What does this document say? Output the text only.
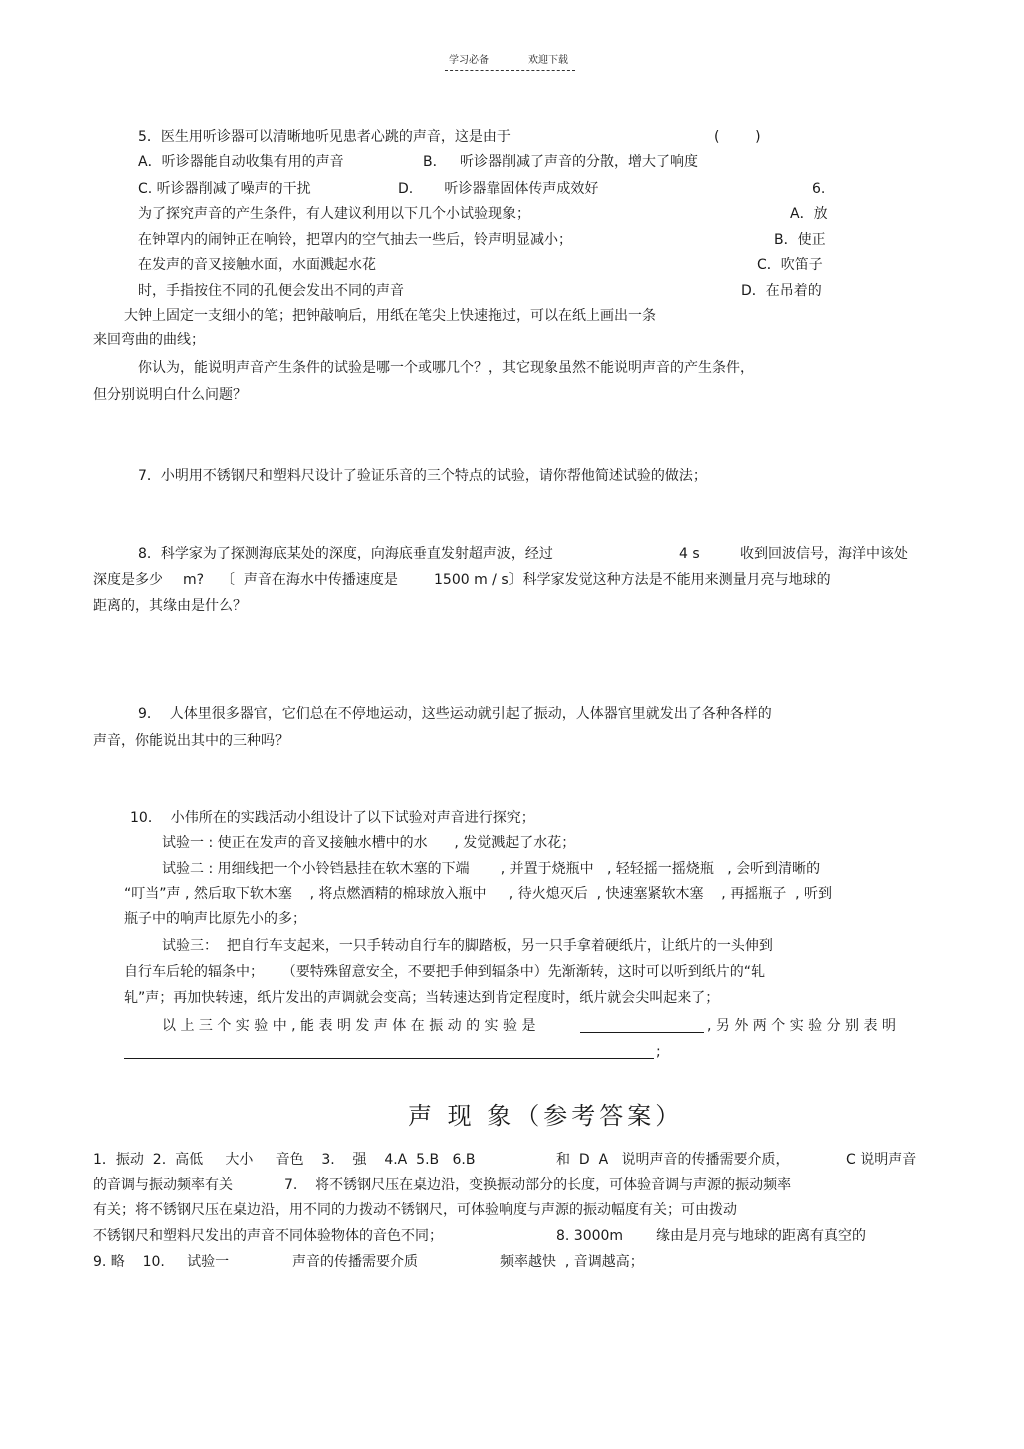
学习必备	欢迎下载
5．医生用听诊器可以清晰地听见患者心跳的声音，这是由于	(        )
A．听诊器能自动收集有用的声音	B．   听诊器削减了声音的分散，增大了响度
C. 听诊器削减了噪声的干扰	D.       听诊器靠固体传声成效好	6.
为了探究声音的产生条件，有人建议利用以下几个小试验现象；	A．放
在钟罩内的闹钟正在响铃，把罩内的空气抽去一些后，铃声明显减小；	B．使正
在发声的音叉接触水面，水面溅起水花	C．吹笛子
时，手指按住不同的孔便会发出不同的声音	D．在吊着的
大钟上固定一支细小的笔；把钟敲响后，用纸在笔尖上快速拖过，可以在纸上画出一条
来回弯曲的曲线；
你认为，能说明声音产生条件的试验是哪一个或哪几个？，其它现象虽然不能说明声音的产生条件，
但分别说明白什么问题？
7．小明用不锈钢尺和塑料尺设计了验证乐音的三个特点的试验，请你帮他简述试验的做法；
8．科学家为了探测海底某处的深度，向海底垂直发射超声波，经过	4 s	收到回波信号，海洋中该处
深度是多少 m? 〔  声音在海水中传播速度是	1500 m / s〕科学家发觉这种方法是不能用来测量月亮与地球的
距离的，其缘由是什么？
9．  人体里很多器官，它们总在不停地运动，这些运动就引起了振动，人体器官里就发出了各种各样的
声音，你能说出其中的三种吗？
10．  小伟所在的实践活动小组设计了以下试验对声音进行探究；
试验一 : 使正在发声的音叉接触水槽中的水      , 发觉溅起了水花；
试验二 : 用细线把一个小铃铛悬挂在软木塞的下端       , 并置于烧瓶中   , 轻轻摇一摇烧瓶   , 会听到清晰的
“叮当”声 , 然后取下软木塞    , 将点燃酒精的棉球放入瓶中     , 待火熄灭后  , 快速塞紧软木塞    , 再摇瓶子  , 听到
瓶子中的响声比原先小的多；
试验三：  把自行车支起来，一只手转动自行车的脚踏板，另一只手拿着硬纸片，让纸片的一头伸到
自行车后轮的辐条中；    （要特殊留意安全，不要把手伸到辐条中）先渐渐转，这时可以听到纸片的“轧
轧”声；再加快转速，纸片发出的声调就会变高；当转速达到肯定程度时，纸片就会尖叫起来了；
以 上 三 个 实 验 中 , 能 表 明 发 声 体 在 振 动 的 实 验 是	, 另 外 两 个 实 验 分 别 表 明
;
声 现 象（参考答案）
1．振动  2.  高低     大小     音色    3.    强    4.A  5.B   6.B	和  D  A   说明声音的传播需要介质，	C 说明声音
的音调与振动频率有关	7.    将不锈钢尺压在桌边沿，变换振动部分的长度，可体验音调与声源的振动频率
有关；将不锈钢尺压在桌边沿，用不同的力拨动不锈钢尺，可体验响度与声源的振动幅度有关；可由拨动
不锈钢尺和塑料尺发出的声音不同体验物体的音色不同；	8. 3000m 缘由是月亮与地球的距离有真空的
9. 略    10.     试验一	声音的传播需要介质	频率越快  , 音调越高；
